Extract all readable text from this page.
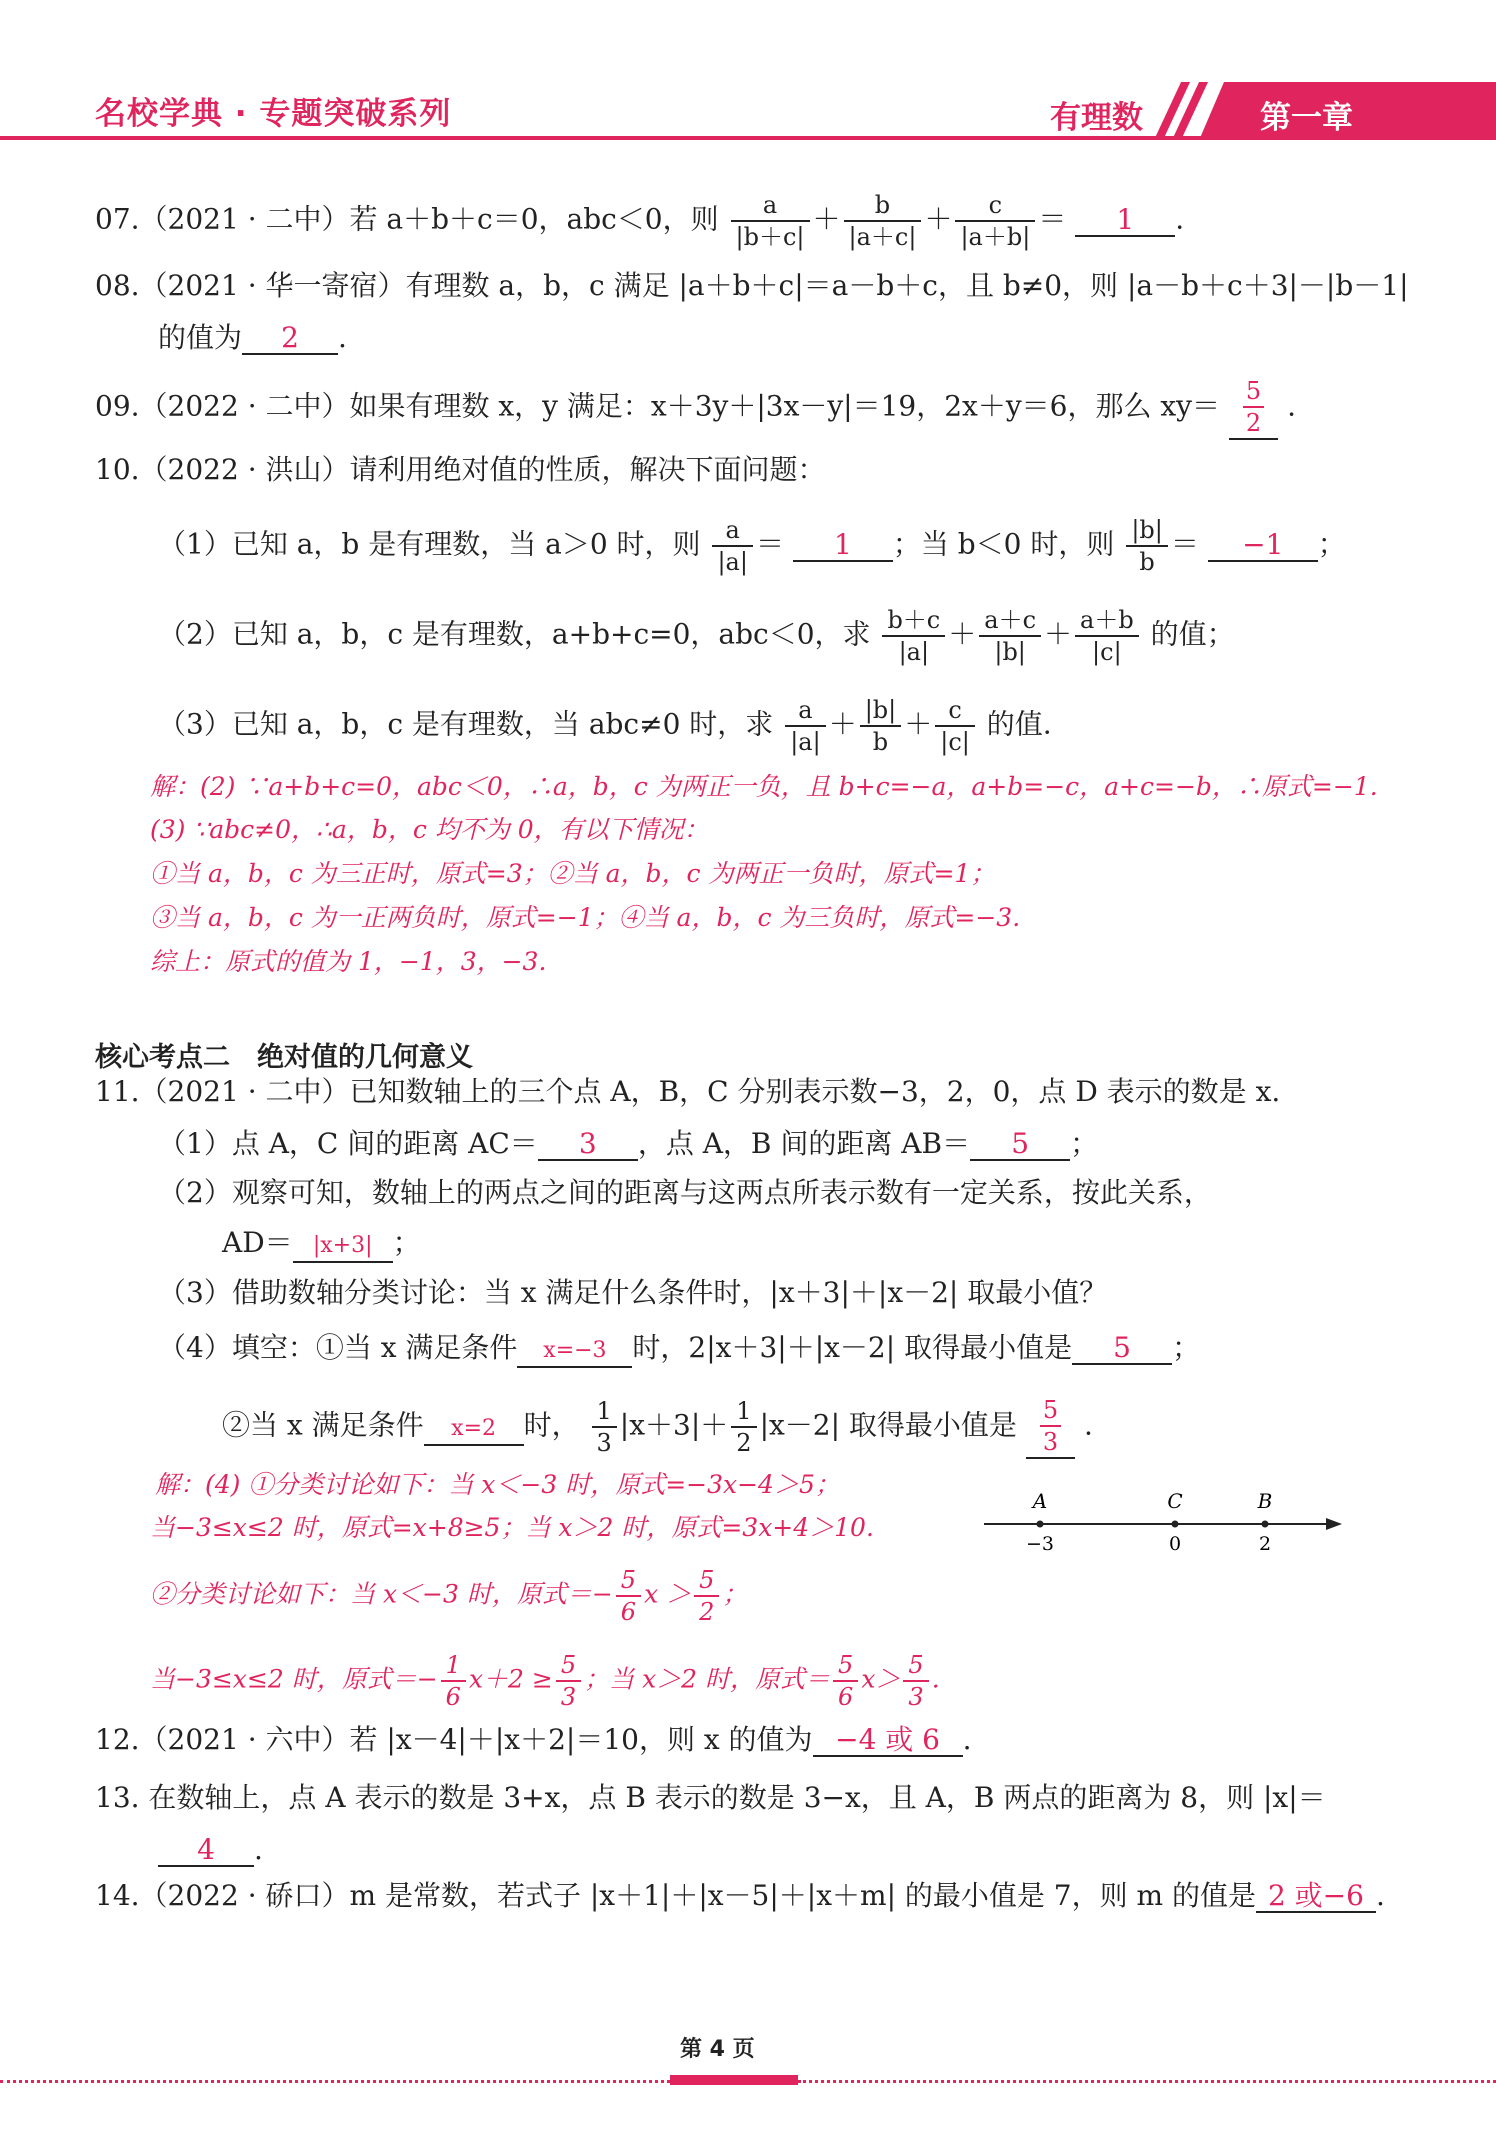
名校学典 · 专题突破系列	有理数	第一章
07.（2021 · 二中）若 a＋b＋c＝0，abc＜0，则 $\frac{a}{|b+c|} + \frac{b}{|a+c|} + \frac{c}{|a+b|} = 1$ .
08.（2021 · 华一寄宿）有理数 a，b，c 满足 |a＋b＋c|＝a－b＋c，且 b≠0，则 |a－b＋c＋3|－|b－1|
的值为 2 .
09.（2022 · 二中）如果有理数 x，y 满足：x＋3y＋|3x－y|＝19，2x＋y＝6，那么 $xy= \frac{5}{2}$ .
10.（2022 · 洪山）请利用绝对值的性质，解决下面问题：
（1）已知 a，b 是有理数，当 a＞0 时，则 $\frac{a}{|a|} = 1$ ；当 b＜0 时，则 $\frac{|b|}{b} = -1$ ；
（2）已知 a，b，c 是有理数，a+b+c=0，abc＜0，求 $\frac{b+c}{|a|} + \frac{a+c}{|b|} + \frac{a+b}{|c|}$ 的值；
（3）已知 a，b，c 是有理数，当 abc≠0 时，求 $\frac{a}{|a|} + \frac{|b|}{b} + \frac{c}{|c|}$ 的值.
解：(2) ∵a+b+c=0，abc＜0，∴a，b，c 为两正一负，且 b+c=−a，a+b=−c，a+c=−b，∴原式=−1.
(3) ∵abc≠0，∴a，b，c 均不为 0，有以下情况：
①当 a，b，c 为三正时，原式=3；②当 a，b，c 为两正一负时，原式=1；
③当 a，b，c 为一正两负时，原式=−1；④当 a，b，c 为三负时，原式=−3.
综上：原式的值为 1，−1，3，−3.
核心考点二　绝对值的几何意义
11.（2021 · 二中）已知数轴上的三个点 A，B，C 分别表示数−3，2，0，点 D 表示的数是 x.
（1）点 A，C 间的距离 AC＝ 3 ，点 A，B 间的距离 AB＝ 5 ；
（2）观察可知，数轴上的两点之间的距离与这两点所表示数有一定关系，按此关系，
AD＝ |x+3| ；
（3）借助数轴分类讨论：当 x 满足什么条件时，|x＋3|＋|x－2| 取最小值？
（4）填空：①当 x 满足条件 x=−3 时，2|x＋3|＋|x－2| 取得最小值是 5 ；
②当 x 满足条件 x=2 时， $\frac{1}{3} |x+3|+ \frac{1}{2} |x-2|$ 取得最小值是 $\frac{5}{3}$ .
解：(4) ①分类讨论如下：当 x＜−3 时，原式=−3x−4＞5；
当−3≤x≤2 时，原式=x+8≥5；当 x＞2 时，原式=3x+4＞10.
②分类讨论如下：当 x＜−3 时，原式＝− $\frac{5}{6}$ $x > \frac{5}{2}$ ；
当−3≤x≤2 时，原式＝− $\frac{1}{6} x+2 \ge \frac{5}{3}$ ；当 x＞2 时，原式＝ $\frac{5}{6} x> \frac{5}{3}$ .
A
−3
C
0
B
2
12.（2021 · 六中）若 |x－4|＋|x＋2|＝10，则 x 的值为 −4 或 6 .
13. 在数轴上，点 A 表示的数是 3+x，点 B 表示的数是 3−x，且 A，B 两点的距离为 8，则 |x|＝
4 .
14.（2022 · 硚口）m 是常数，若式子 |x＋1|＋|x－5|＋|x＋m| 的最小值是 7，则 m 的值是 2 或−6 .
第 4 页
